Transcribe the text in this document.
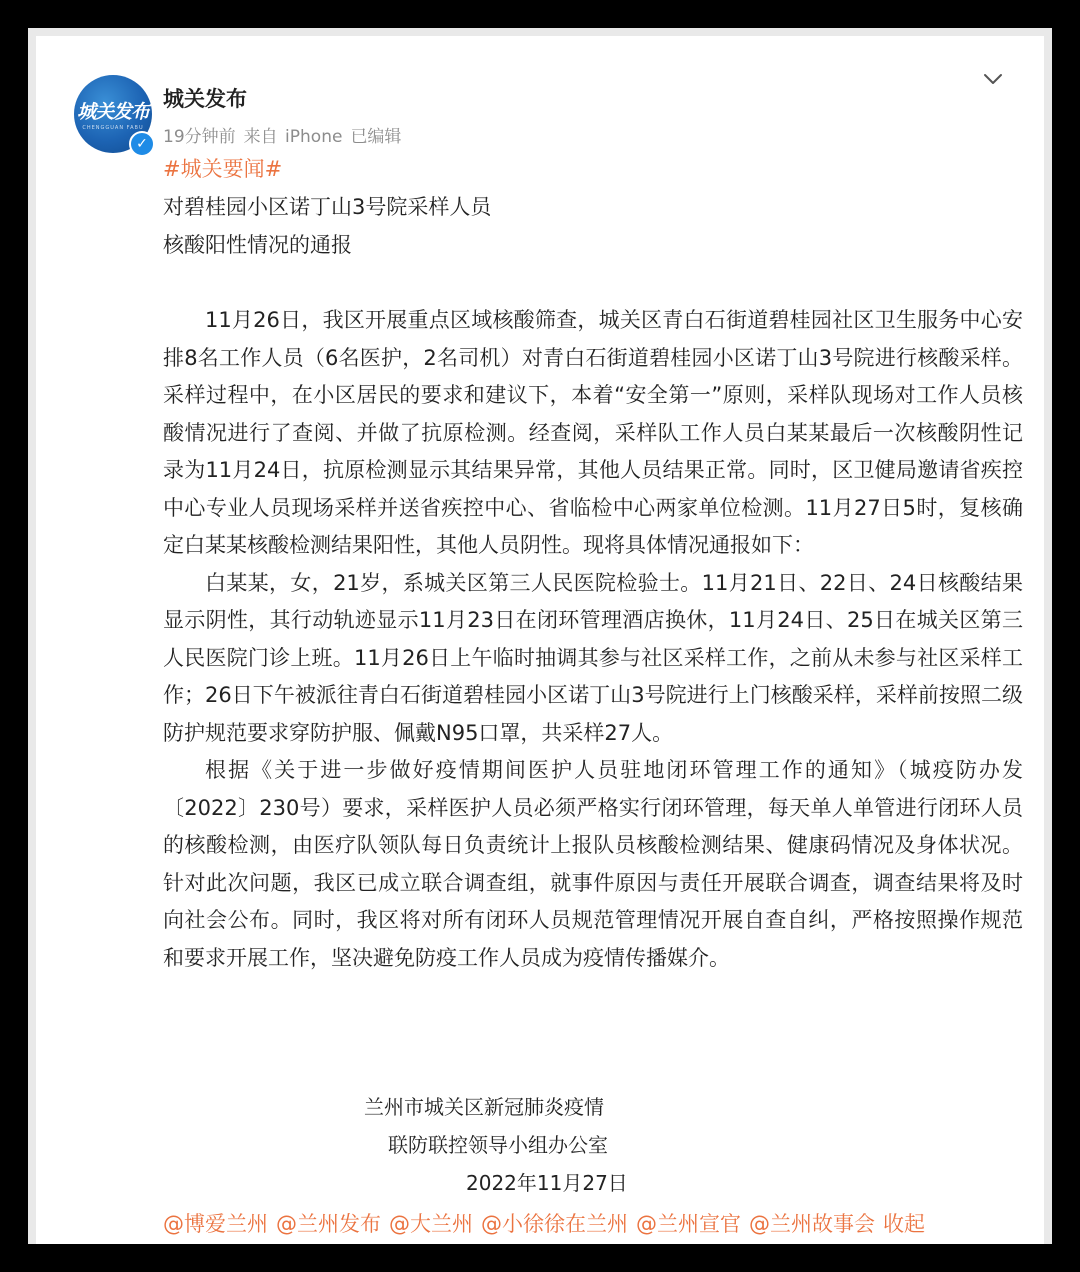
城关发布
CHENGGUAN FABU
✓
城关发布
19分钟前 来自 iPhone 已编辑
#城关要闻#
对碧桂园小区诺丁山3号院采样人员
核酸阳性情况的通报

11月26日，我区开展重点区域核酸筛查，城关区青白石街道碧桂园社区卫生服务中心安排8名工作人员（6名医护，2名司机）对青白石街道碧桂园小区诺丁山3号院进行核酸采样。采样过程中，在小区居民的要求和建议下，本着“安全第一”原则，采样队现场对工作人员核酸情况进行了查阅、并做了抗原检测。经查阅，采样队工作人员白某某最后一次核酸阴性记录为11月24日，抗原检测显示其结果异常，其他人员结果正常。同时，区卫健局邀请省疾控中心专业人员现场采样并送省疾控中心、省临检中心两家单位检测。11月27日5时，复核确定白某某核酸检测结果阳性，其他人员阴性。现将具体情况通报如下：

白某某，女，21岁，系城关区第三人民医院检验士。11月21日、22日、24日核酸结果显示阴性，其行动轨迹显示11月23日在闭环管理酒店换休，11月24日、25日在城关区第三人民医院门诊上班。11月26日上午临时抽调其参与社区采样工作，之前从未参与社区采样工作；26日下午被派往青白石街道碧桂园小区诺丁山3号院进行上门核酸采样，采样前按照二级防护规范要求穿防护服、佩戴N95口罩，共采样27人。

根据《关于进一步做好疫情期间医护人员驻地闭环管理工作的通知》（城疫防办发〔2022〕230号）要求，采样医护人员必须严格实行闭环管理，每天单人单管进行闭环人员的核酸检测，由医疗队领队每日负责统计上报队员核酸检测结果、健康码情况及身体状况。针对此次问题，我区已成立联合调查组，就事件原因与责任开展联合调查，调查结果将及时向社会公布。同时，我区将对所有闭环人员规范管理情况开展自查自纠，严格按照操作规范和要求开展工作，坚决避免防疫工作人员成为疫情传播媒介。

兰州市城关区新冠肺炎疫情
联防联控领导小组办公室
2022年11月27日
@博爱兰州 @兰州发布 @大兰州 @小徐徐在兰州 @兰州宣官 @兰州故事会 收起
